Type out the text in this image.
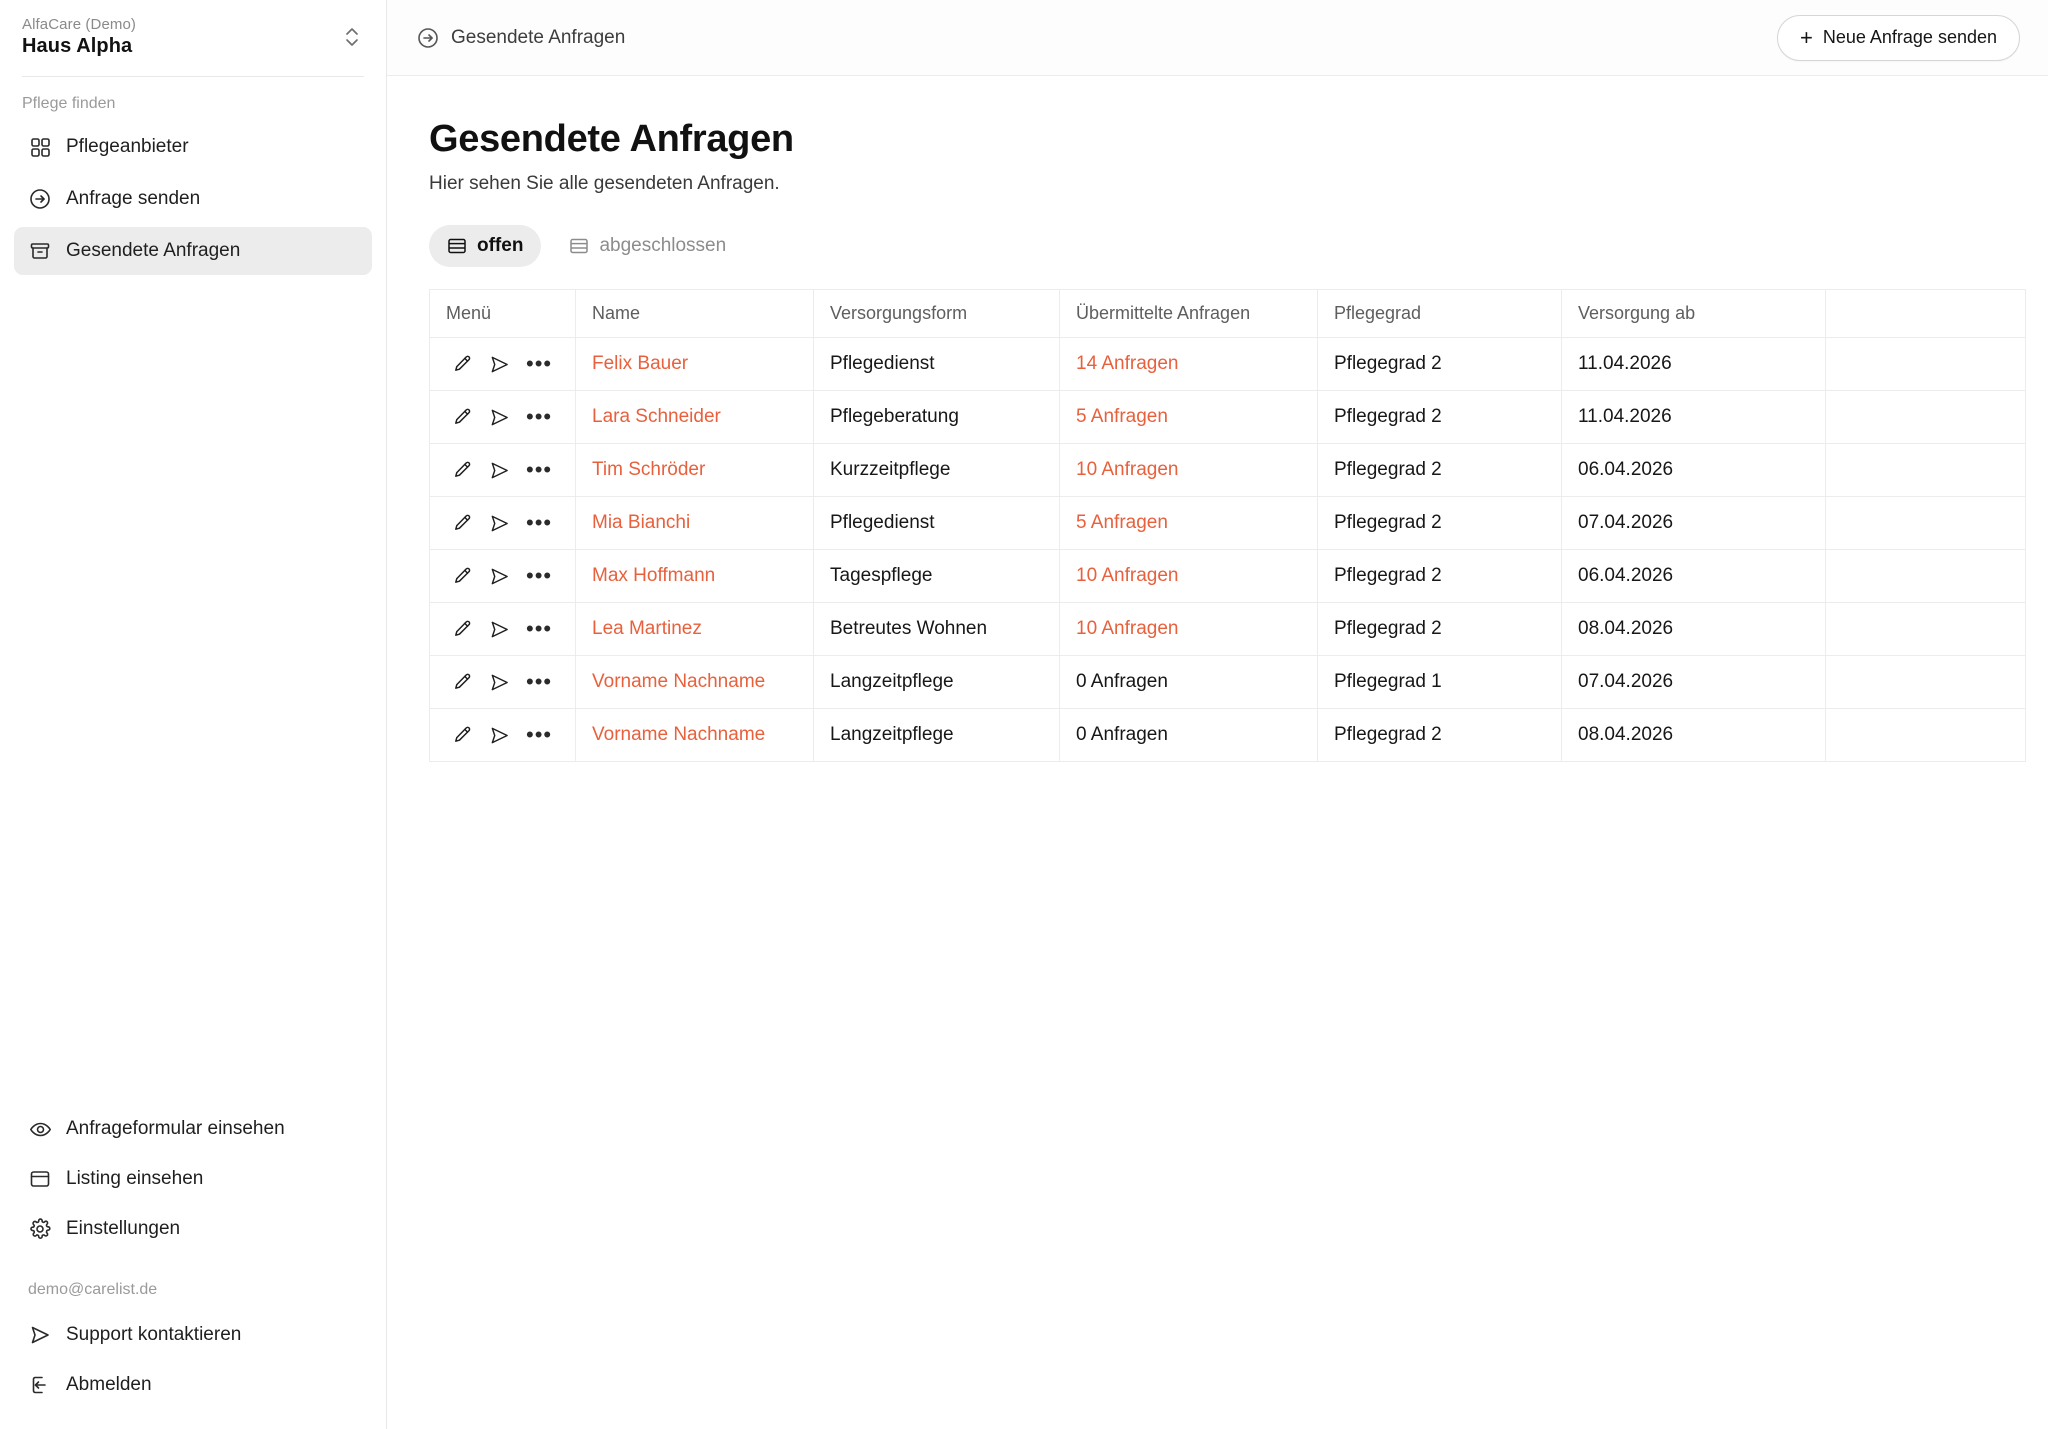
AlfaCare (Demo)
Haus Alpha
Pflege finden
Pflegeanbieter
Anfrage senden
Gesendete Anfragen
Anfrageformular einsehen
Listing einsehen
Einstellungen
demo@carelist.de
Support kontaktieren
Abmelden
Gesendete Anfragen	+ Neue Anfrage senden
Gesendete Anfragen

Hier sehen Sie alle gesendeten Anfragen.

offen	abgeschlossen
Menü	Name	Versorgungsform	Übermittelte Anfragen	Pflegegrad	Versorgung ab	

•••	Felix Bauer	Pflegedienst	14 Anfragen	Pflegegrad 2	11.04.2026	

•••	Lara Schneider	Pflegeberatung	5 Anfragen	Pflegegrad 2	11.04.2026	

•••	Tim Schröder	Kurzzeitpflege	10 Anfragen	Pflegegrad 2	06.04.2026	

•••	Mia Bianchi	Pflegedienst	5 Anfragen	Pflegegrad 2	07.04.2026	

•••	Max Hoffmann	Tagespflege	10 Anfragen	Pflegegrad 2	06.04.2026	

•••	Lea Martinez	Betreutes Wohnen	10 Anfragen	Pflegegrad 2	08.04.2026	

•••	Vorname Nachname	Langzeitpflege	0 Anfragen	Pflegegrad 1	07.04.2026	

•••	Vorname Nachname	Langzeitpflege	0 Anfragen	Pflegegrad 2	08.04.2026	
